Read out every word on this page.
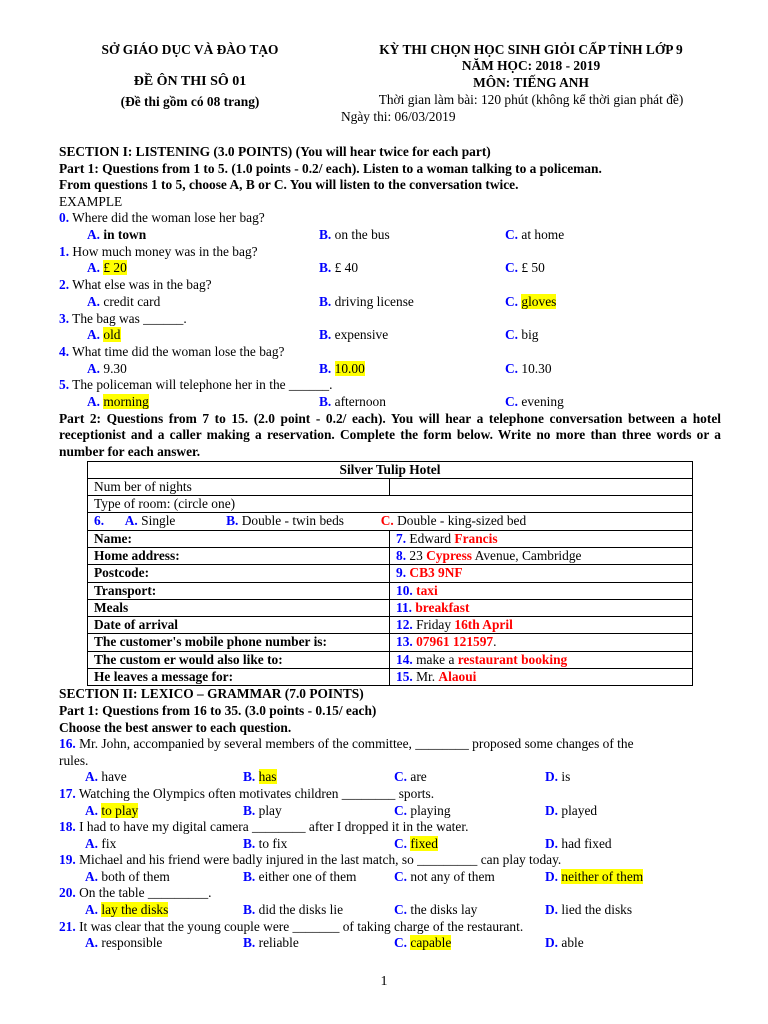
SỞ GIÁO DỤC VÀ ĐÀO TẠO
ĐỀ ÔN THI SÔ 01
(Đề thi gồm có 08 trang)
KỲ THI CHỌN HỌC SINH GIỎI CẤP TỈNH LỚP 9
NĂM HỌC: 2018 - 2019
MÔN: TIẾNG ANH
Thời gian làm bài: 120 phút (không kể thời gian phát đề)
Ngày thi: 06/03/2019
SECTION I: LISTENING (3.0 POINTS) (You will hear twice for each part)
Part 1: Questions from 1 to 5. (1.0 points - 0.2/ each). Listen to a woman talking to a policeman.
From questions 1 to 5, choose A, B or C. You will listen to the conversation twice.
EXAMPLE
0. Where did the woman lose her bag?
A. in town	B. on the bus	C. at home
1. How much money was in the bag?
A. £ 20	B. £ 40	C. £ 50
2. What else was in the bag?
A. credit card	B. driving license	C. gloves
3. The bag was ______.
A. old	B. expensive	C. big
4. What time did the woman lose the bag?
A. 9.30	B. 10.00	C. 10.30
5. The policeman will telephone her in the ______.
A. morning	B. afternoon	C. evening
Part 2: Questions from 7 to 15. (2.0 point - 0.2/ each). You will hear a telephone conversation between a hotel receptionist and a caller making a reservation. Complete the form below. Write no more than three words or a number for each answer.
Silver Tulip Hotel	
Num ber of nights	
Type of room: (circle one)	
6. A. Single B. Double - twin beds C. Double - king-sized bed	
Name:	7. Edward Francis
Home address:	8. 23 Cypress Avenue, Cambridge
Postcode:	9. CB3 9NF
Transport:	10. taxi
Meals	11. breakfast
Date of arrival	12. Friday 16th April
The customer's mobile phone number is:	13. 07961 121597.
The custom er would also like to:	14. make a restaurant booking
He leaves a message for:	15. Mr. Alaoui
SECTION II: LEXICO – GRAMMAR (7.0 POINTS)
Part 1: Questions from 16 to 35. (3.0 points - 0.15/ each)
Choose the best answer to each question.
16. Mr. John, accompanied by several members of the committee, ________ proposed some changes of the
rules.
A. have	B. has	C. are	D. is
17. Watching the Olympics often motivates children ________ sports.
A. to play	B. play	C. playing	D. played
18. I had to have my digital camera ________ after I dropped it in the water.
A. fix	B. to fix	C. fixed	D. had fixed
19. Michael and his friend were badly injured in the last match, so _________ can play today.
A. both of them	B. either one of them	C. not any of them	D. neither of them
20. On the table _________.
A. lay the disks	B. did the disks lie	C. the disks lay	D. lied the disks
21. It was clear that the young couple were _______ of taking charge of the restaurant.
A. responsible	B. reliable	C. capable	D. able
1
